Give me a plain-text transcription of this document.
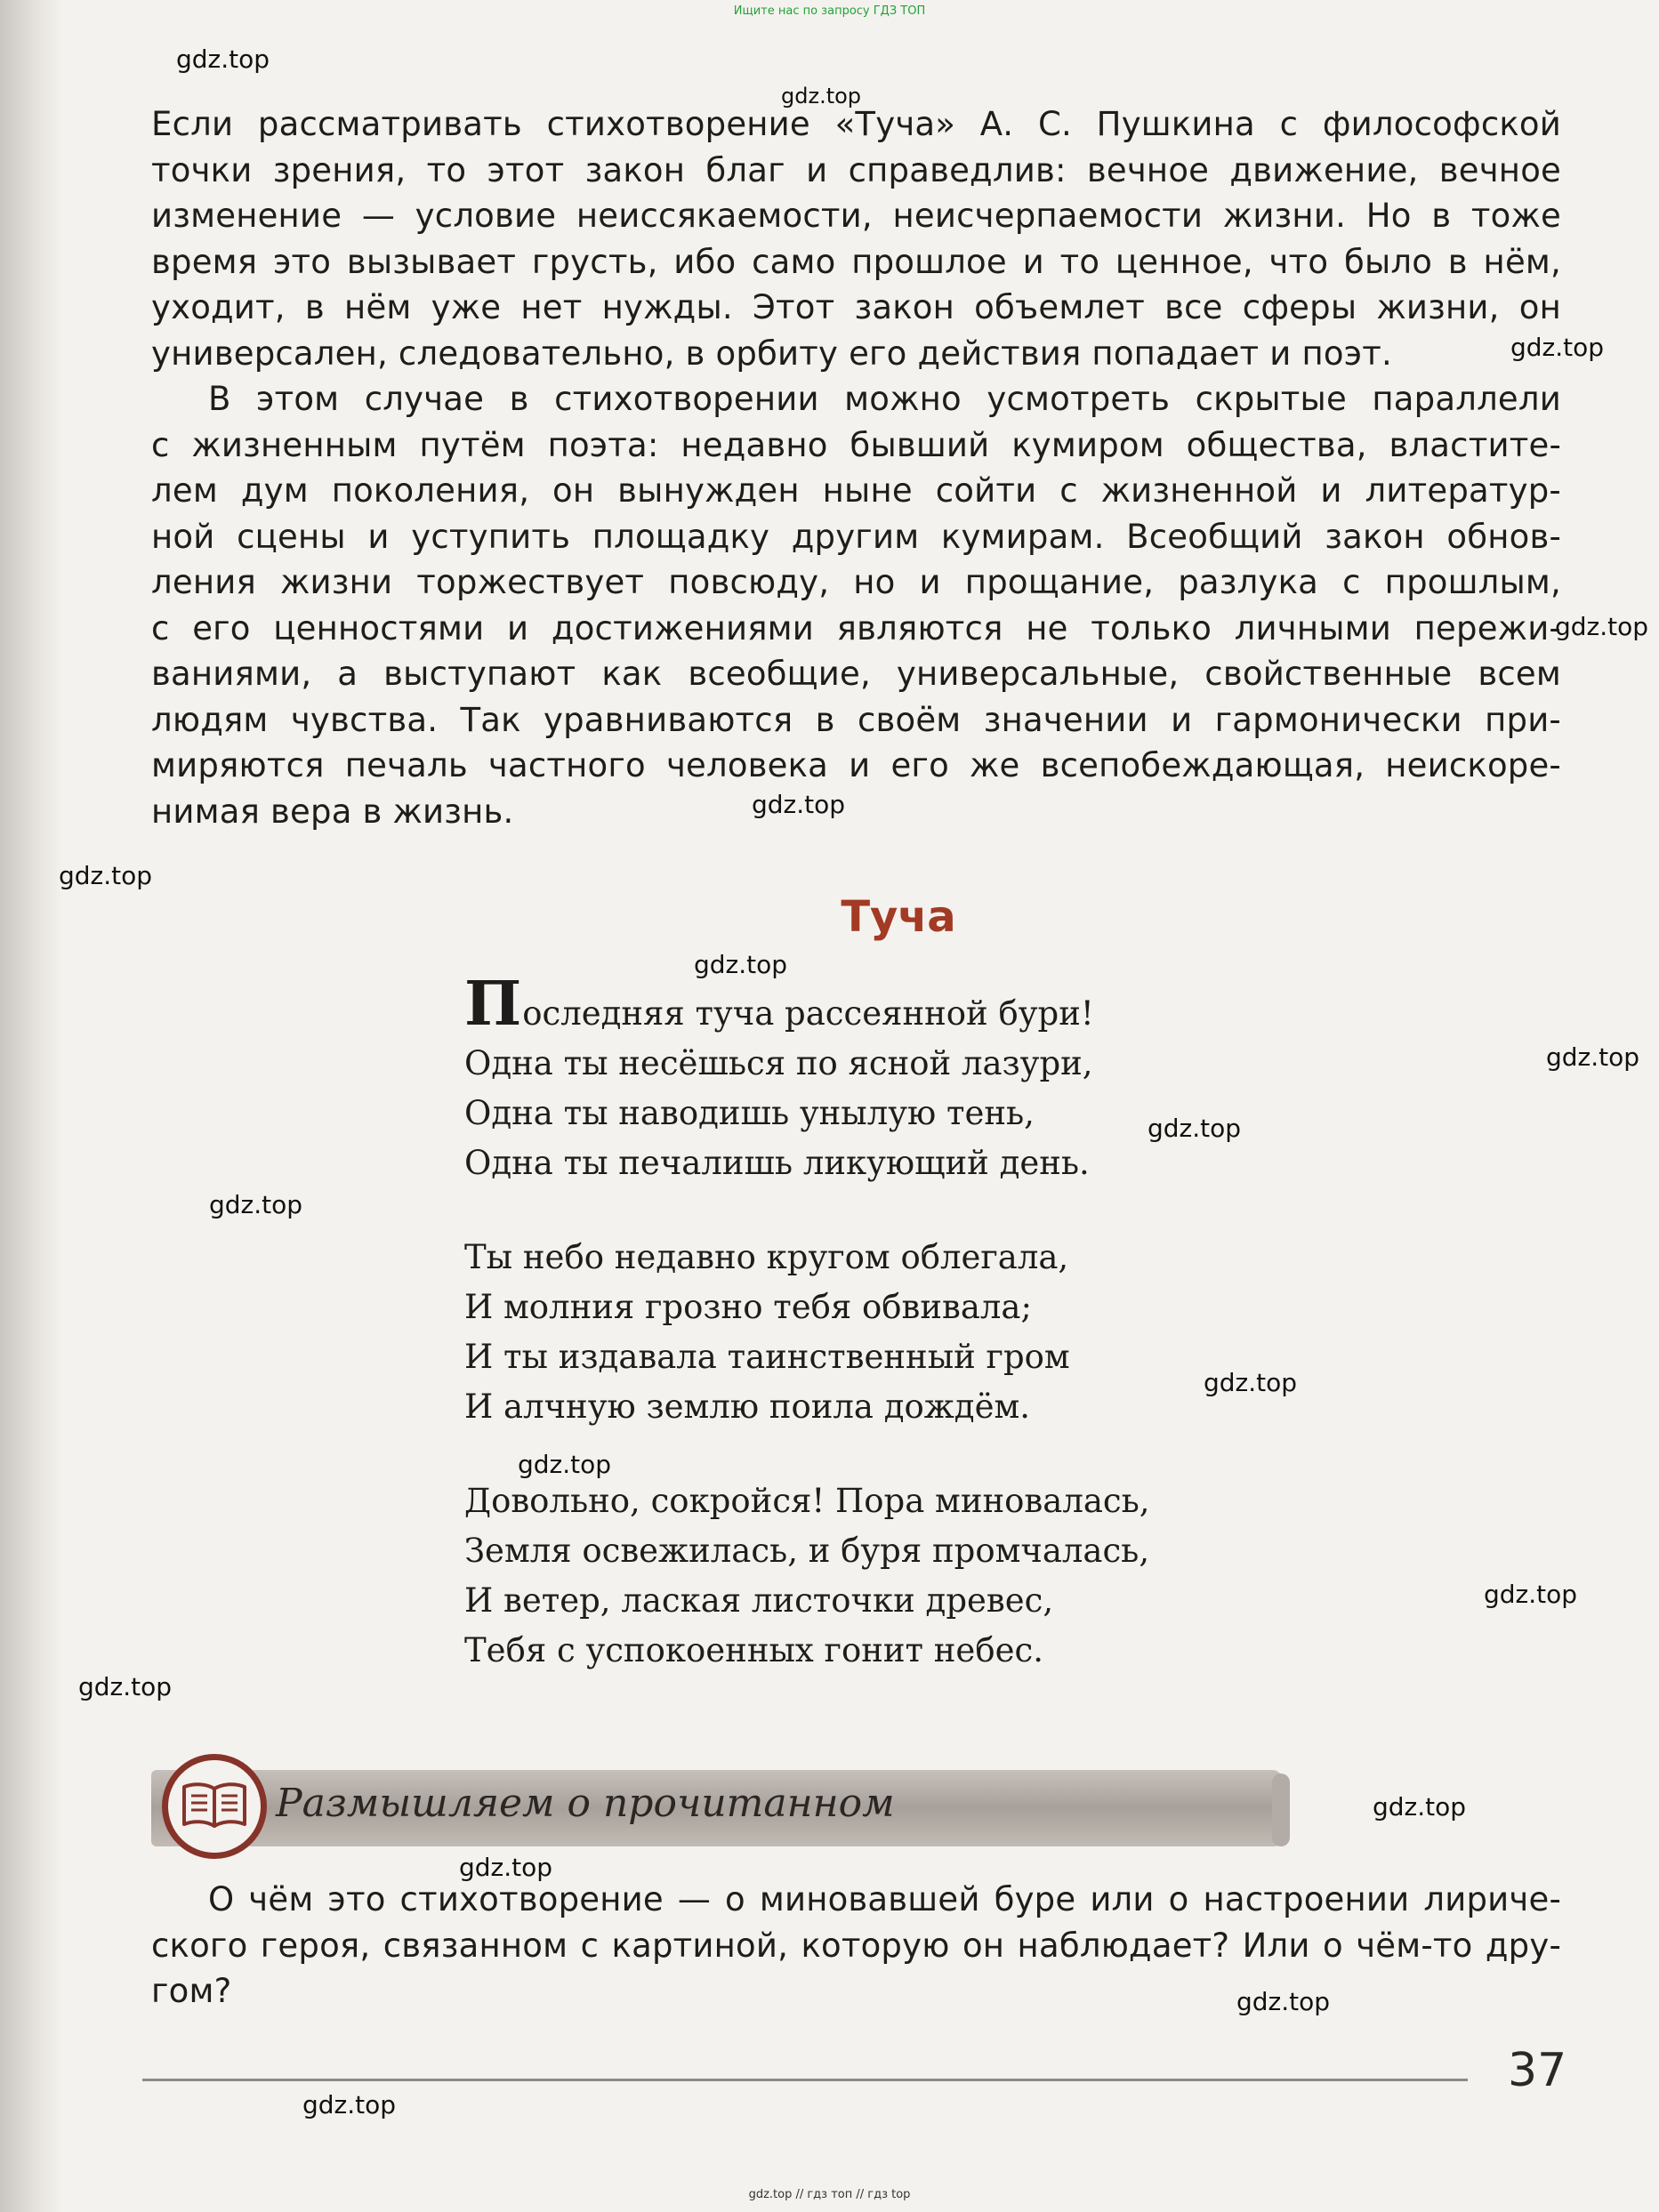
Ищите нас по запросу ГДЗ ТОП
gdz.top
gdz.top
gdz.top
gdz.top
gdz.top
gdz.top
gdz.top
gdz.top
gdz.top
gdz.top
gdz.top
gdz.top
gdz.top
gdz.top
gdz.top
gdz.top
gdz.top
gdz.top
Если рассматривать стихотворение «Туча» А. С. Пушкина с философской
точки зрения, то этот закон благ и справедлив: вечное движение, вечное
изменение — условие неиссякаемости, неисчерпаемости жизни. Но в тоже
время это вызывает грусть, ибо само прошлое и то ценное, что было в нём,
уходит, в нём уже нет нужды. Этот закон объемлет все сферы жизни, он
универсален, следовательно, в орбиту его действия попадает и поэт.
В этом случае в стихотворении можно усмотреть скрытые параллели
с жизненным путём поэта: недавно бывший кумиром общества, властите-
лем дум поколения, он вынужден ныне сойти с жизненной и литератур-
ной сцены и уступить площадку другим кумирам. Всеобщий закон обнов-
ления жизни торжествует повсюду, но и прощание, разлука с прошлым,
с его ценностями и достижениями являются не только личными пережи-
ваниями, а выступают как всеобщие, универсальные, свойственные всем
людям чувства. Так уравниваются в своём значении и гармонически при-
миряются печаль частного человека и его же всепобеждающая, неискоре-
нимая вера в жизнь.
Туча
Последняя туча рассеянной бури!
Одна ты несёшься по ясной лазури,
Одна ты наводишь унылую тень,
Одна ты печалишь ликующий день.
Ты небо недавно кругом облегала,
И молния грозно тебя обвивала;
И ты издавала таинственный гром
И алчную землю поила дождём.
Довольно, сокройся! Пора миновалась,
Земля освежилась, и буря промчалась,
И ветер, лаская листочки древес,
Тебя с успокоенных гонит небес.
Размышляем о прочитанном
О чём это стихотворение — о миновавшей буре или о настроении лириче-
ского героя, связанном с картиной, которую он наблюдает? Или о чём-то дру-
гом?
37
gdz.top // гдз топ // гдз top
